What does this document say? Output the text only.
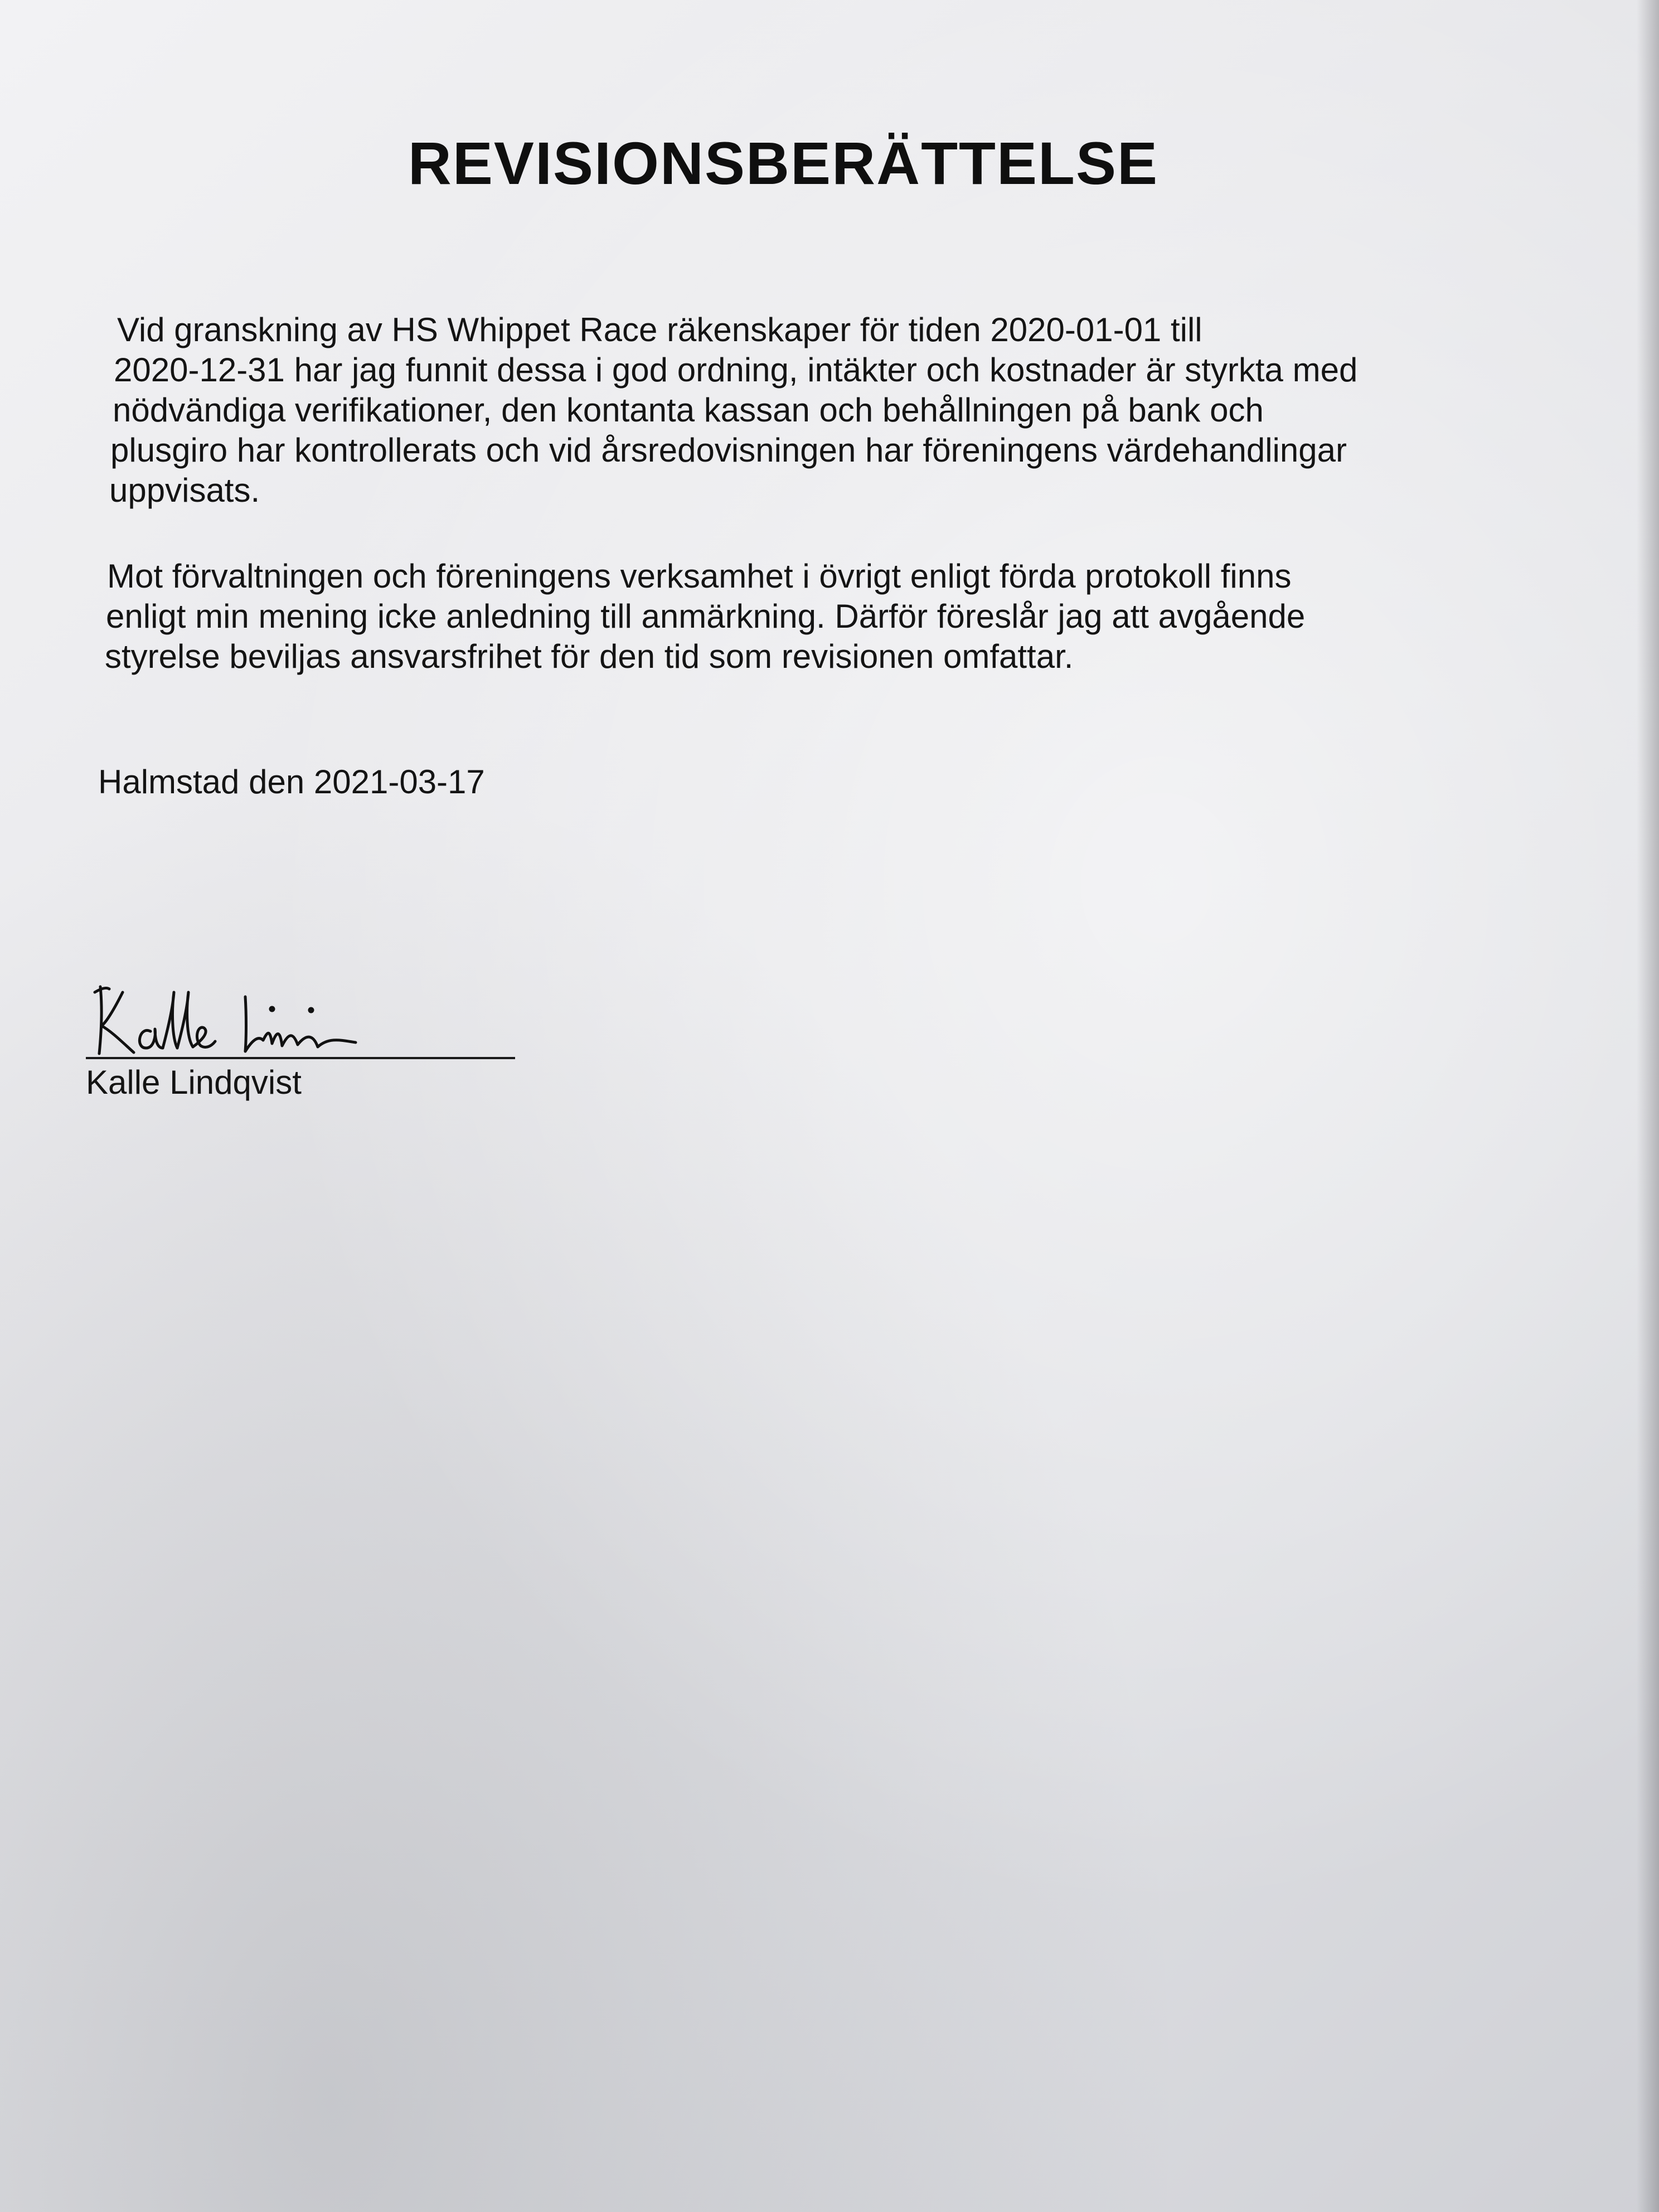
REVISIONSBERÄTTELSE
Vid granskning av HS Whippet Race räkenskaper för tiden 2020-01-01 till
2020-12-31 har jag funnit dessa i god ordning, intäkter och kostnader är styrkta med
nödvändiga verifikationer, den kontanta kassan och behållningen på bank och
plusgiro har kontrollerats och vid årsredovisningen har föreningens värdehandlingar
uppvisats.
Mot förvaltningen och föreningens verksamhet i övrigt enligt förda protokoll finns
enligt min mening icke anledning till anmärkning. Därför föreslår jag att avgående
styrelse beviljas ansvarsfrihet för den tid som revisionen omfattar.
Halmstad den 2021-03-17
Kalle Lindqvist
